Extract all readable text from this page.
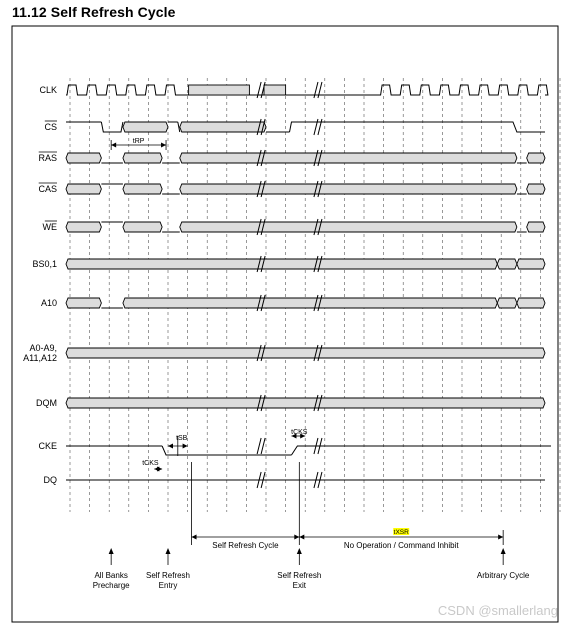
11.12 Self Refresh Cycle
CLK
CS
RAS
CAS
WE
BS0,1
A10
A0-A9,
A11,A12
DQM
CKE
DQ
tRP
tSB
tCKS
tCKS
Self Refresh Cycle	No Operation / Command Inhibit
tXSR
All Banks
Precharge
Self Refresh
Entry
Self Refresh
Exit
Arbitrary Cycle
CSDN @smallerlang
